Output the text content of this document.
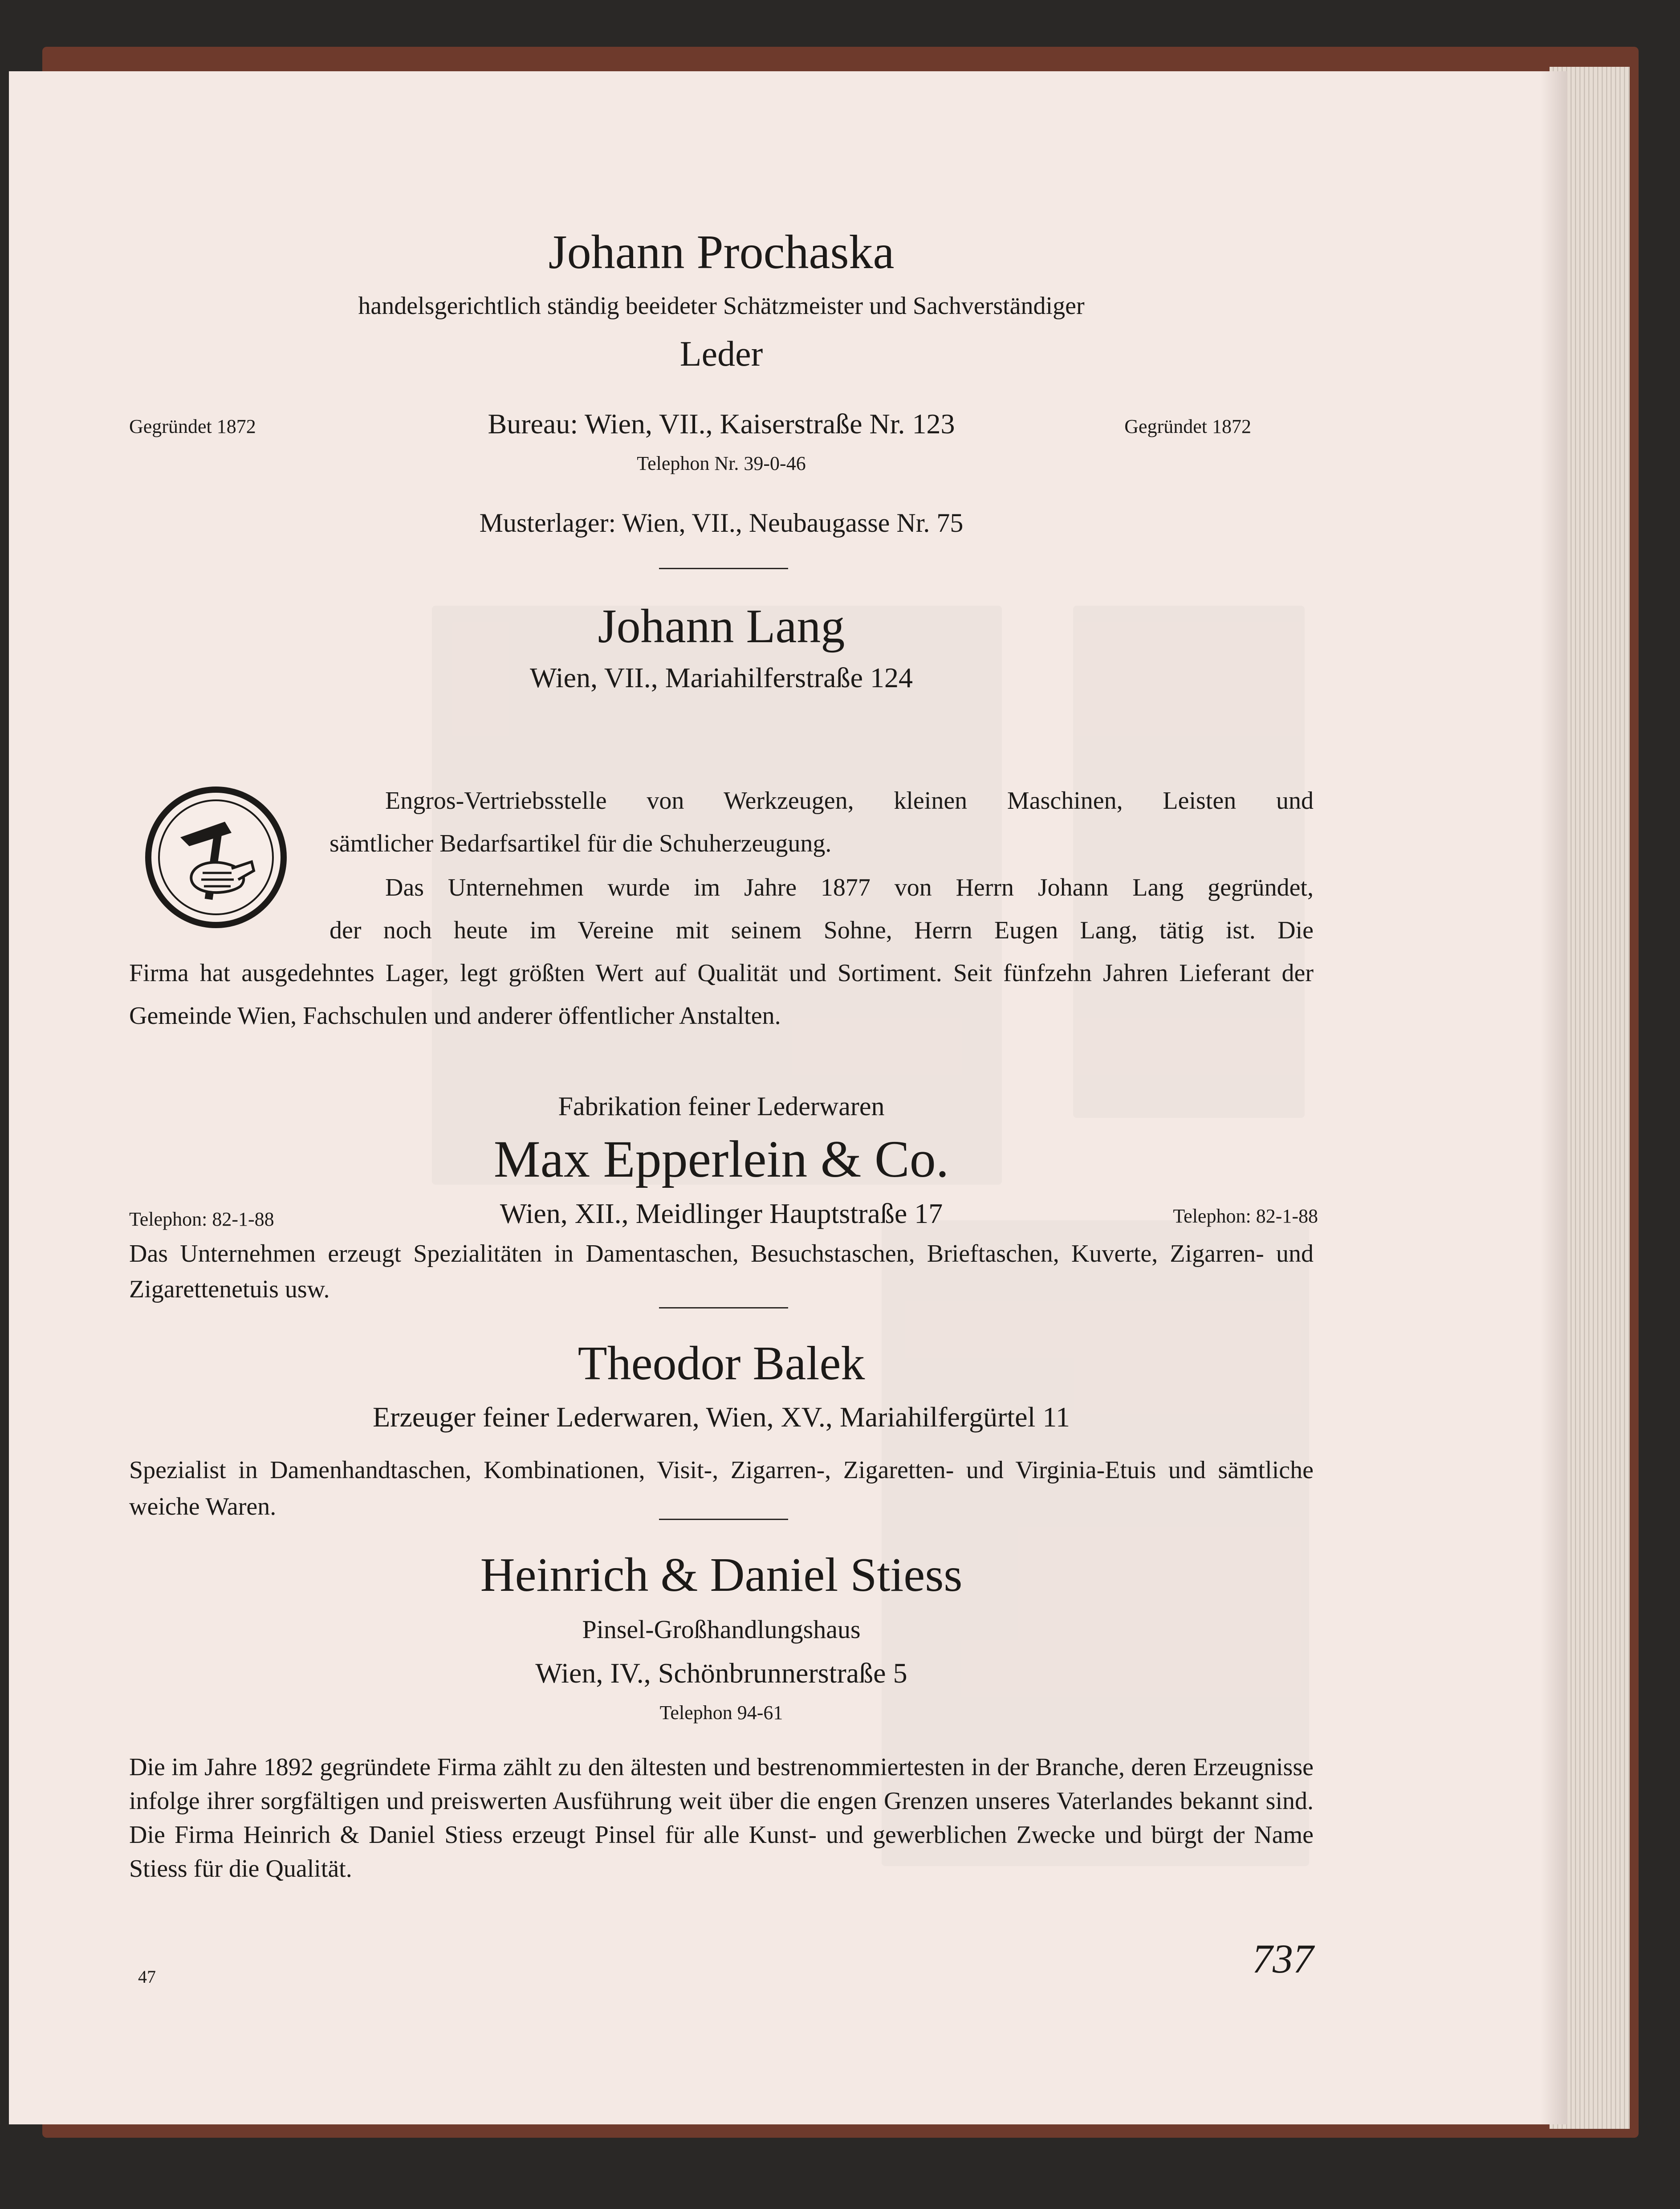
Johann Prochaska
handelsgerichtlich ständig beeideter Schätzmeister und Sachverständiger
Leder
Gegründet 1872	Bureau: Wien, VII., Kaiserstraße Nr. 123	Gegründet 1872
Telephon Nr. 39-0-46
Musterlager: Wien, VII., Neubaugasse Nr. 75
Johann Lang
Wien, VII., Mariahilferstraße 124
Engros-Vertriebsstelle von Werkzeugen, kleinen Maschinen, Leisten und
sämtlicher Bedarfsartikel für die Schuherzeugung.
Das Unternehmen wurde im Jahre 1877 von Herrn Johann Lang gegründet,
der noch heute im Vereine mit seinem Sohne, Herrn Eugen Lang, tätig ist. Die
Firma hat ausgedehntes Lager, legt größten Wert auf Qualität und Sortiment. Seit fünfzehn Jahren Lieferant der Gemeinde Wien, Fachschulen und anderer öffentlicher Anstalten.
Fabrikation feiner Lederwaren
Max Epperlein & Co.
Telephon: 82-1-88	Wien, XII., Meidlinger Hauptstraße 17	Telephon: 82-1-88
Das Unternehmen erzeugt Spezialitäten in Damentaschen, Besuchstaschen, Brieftaschen, Kuverte, Zigarren- und Zigarettenetuis usw.
Theodor Balek
Erzeuger feiner Lederwaren, Wien, XV., Mariahilfergürtel 11
Spezialist in Damenhandtaschen, Kombinationen, Visit-, Zigarren-, Zigaretten- und Virginia-Etuis und sämtliche weiche Waren.
Heinrich & Daniel Stiess
Pinsel-Großhandlungshaus
Wien, IV., Schönbrunnerstraße 5
Telephon 94-61
Die im Jahre 1892 gegründete Firma zählt zu den ältesten und bestrenommiertesten in der Branche, deren Erzeugnisse infolge ihrer sorgfältigen und preiswerten Ausführung weit über die engen Grenzen unseres Vaterlandes bekannt sind. Die Firma Heinrich & Daniel Stiess erzeugt Pinsel für alle Kunst- und gewerblichen Zwecke und bürgt der Name Stiess für die Qualität.
47	737
